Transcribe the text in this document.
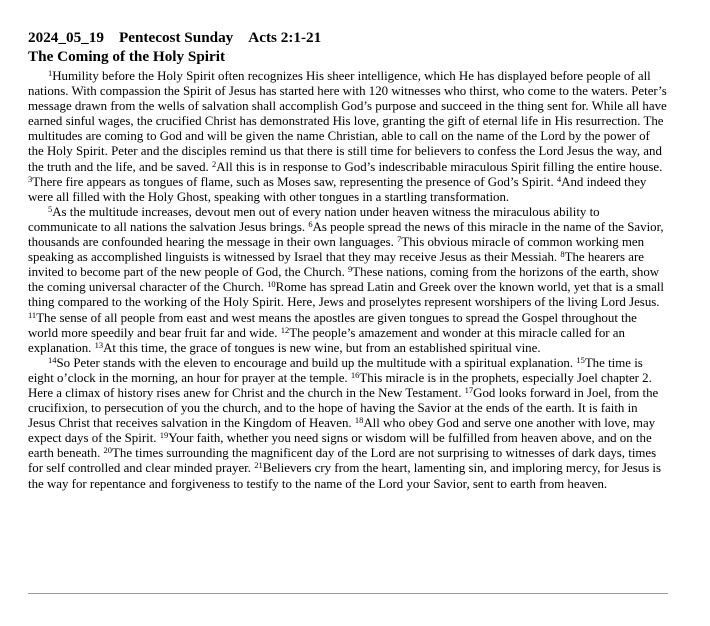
2024_05_19 Pentecost Sunday Acts 2:1-21
The Coming of the Holy Spirit

$^1$Humility before the Holy Spirit often recognizes His sheer intelligence, which He has displayed before people of all nations. With compassion the Spirit of Jesus has started here with 120 witnesses who thirst, who come to the waters. Peter’s message drawn from the wells of salvation shall accomplish God’s purpose and succeed in the thing sent for. While all have earned sinful wages, the crucified Christ has demonstrated His love, granting the gift of eternal life in His resurrection. The multitudes are coming to God and will be given the name Christian, able to call on the name of the Lord by the power of the Holy Spirit. Peter and the disciples remind us that there is still time for believers to confess the Lord Jesus the way, and the truth and the life, and be saved. $^2$All this is in response to God’s indescribable miraculous Spirit filling the entire house. $^3$There fire appears as tongues of flame, such as Moses saw, representing the presence of God’s Spirit. $^4$And indeed they were all filled with the Holy Ghost, speaking with other tongues in a startling transformation.

$^5$As the multitude increases, devout men out of every nation under heaven witness the miraculous ability to communicate to all nations the salvation Jesus brings. $^6$As people spread the news of this miracle in the name of the Savior, thousands are confounded hearing the message in their own languages. $^7$This obvious miracle of common working men speaking as accomplished linguists is witnessed by Israel that they may receive Jesus as their Messiah. $^8$The hearers are invited to become part of the new people of God, the Church. $^9$These nations, coming from the horizons of the earth, show the coming universal character of the Church. $^{10}$Rome has spread Latin and Greek over the known world, yet that is a small thing compared to the working of the Holy Spirit. Here, Jews and proselytes represent worshipers of the living Lord Jesus. $^{11}$The sense of all people from east and west means the apostles are given tongues to spread the Gospel throughout the world more speedily and bear fruit far and wide. $^{12}$The people’s amazement and wonder at this miracle called for an explanation. $^{13}$At this time, the grace of tongues is new wine, but from an established spiritual vine.

$^{14}$So Peter stands with the eleven to encourage and build up the multitude with a spiritual explanation. $^{15}$The time is eight o’clock in the morning, an hour for prayer at the temple. $^{16}$This miracle is in the prophets, especially Joel chapter 2. Here a climax of history rises anew for Christ and the church in the New Testament. $^{17}$God looks forward in Joel, from the crucifixion, to persecution of you the church, and to the hope of having the Savior at the ends of the earth. It is faith in Jesus Christ that receives salvation in the Kingdom of Heaven. $^{18}$All who obey God and serve one another with love, may expect days of the Spirit. $^{19}$Your faith, whether you need signs or wisdom will be fulfilled from heaven above, and on the earth beneath. $^{20}$The times surrounding the magnificent day of the Lord are not surprising to witnesses of dark days, times for self controlled and clear minded prayer. $^{21}$Believers cry from the heart, lamenting sin, and imploring mercy, for Jesus is the way for repentance and forgiveness to testify to the name of the Lord your Savior, sent to earth from heaven.
